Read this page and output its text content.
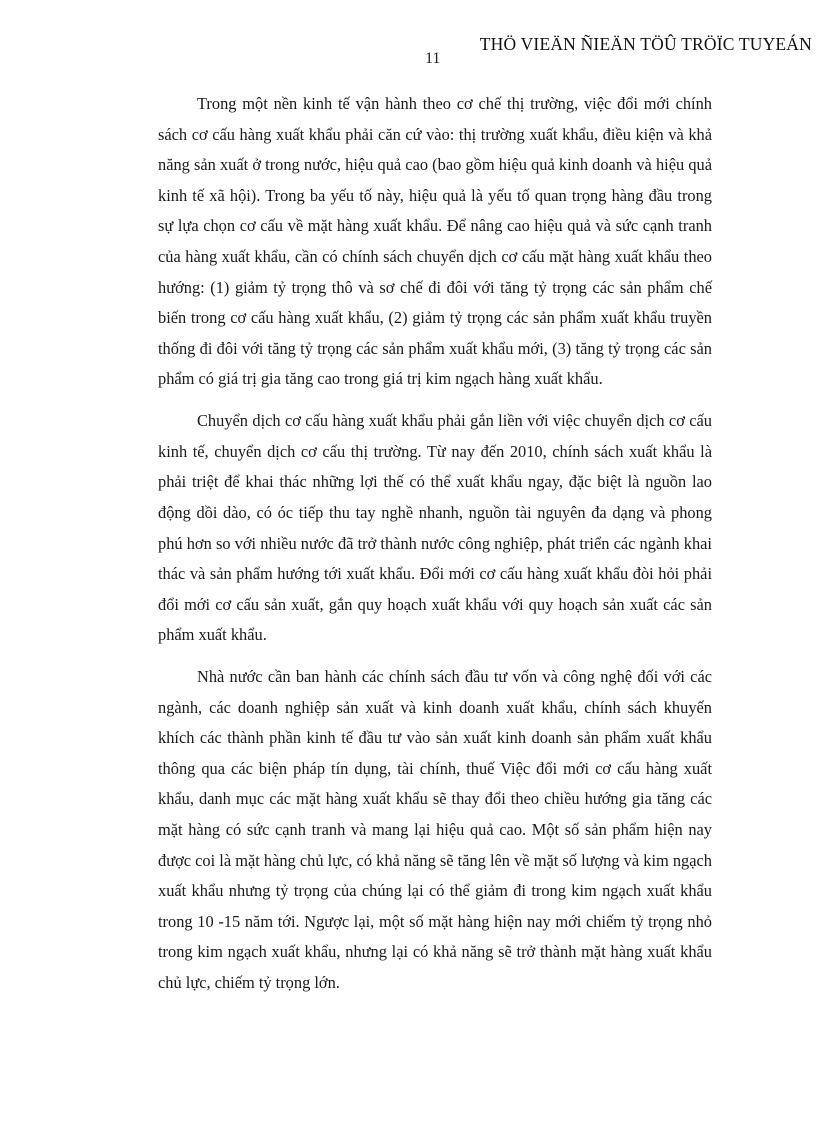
THÖ VIEÄN ÑIEÄN TÖÛ TRÖÏC TUYEÁN
11

Trong một nền kinh tế vận hành theo cơ chế thị trường, việc đổi mới chính sách cơ cấu hàng xuất khẩu phải căn cứ vào: thị trường xuất khẩu, điều kiện và khả năng sản xuất ở trong nước, hiệu quả cao (bao gồm hiệu quả kinh doanh và hiệu quả kinh tế xã hội). Trong ba yếu tố này, hiệu quả là yếu tố quan trọng hàng đầu trong sự lựa chọn cơ cấu về mặt hàng xuất khẩu. Để nâng cao hiệu quả và sức cạnh tranh của hàng xuất khẩu, cần có chính sách chuyển dịch cơ cấu mặt hàng xuất khẩu theo hướng: (1) giảm tỷ trọng thô và sơ chế đi đôi với tăng tỷ trọng các sản phẩm chế biến trong cơ cấu hàng xuất khẩu, (2) giảm tỷ trọng các sản phẩm xuất khẩu truyền thống đi đôi với tăng tỷ trọng các sản phẩm xuất khẩu mới, (3) tăng tỷ trọng các sản phẩm có giá trị gia tăng cao trong giá trị kim ngạch hàng xuất khẩu.

Chuyển dịch cơ cấu hàng xuất khẩu phải gắn liền với việc chuyển dịch cơ cấu kinh tế, chuyển dịch cơ cấu thị trường. Từ nay đến 2010, chính sách xuất khẩu là phải triệt để khai thác những lợi thế có thể xuất khẩu ngay, đặc biệt là nguồn lao động dồi dào, có óc tiếp thu tay nghề nhanh, nguồn tài nguyên đa dạng và phong phú hơn so với nhiều nước đã trở thành nước công nghiệp, phát triển các ngành khai thác và sản phẩm hướng tới xuất khẩu. Đổi mới cơ cấu hàng xuất khẩu đòi hỏi phải đổi mới cơ cấu sản xuất, gắn quy hoạch xuất khẩu với quy hoạch sản xuất các sản phẩm xuất khẩu.

Nhà nước cần ban hành các chính sách đầu tư vốn và công nghệ đối với các ngành, các doanh nghiệp sản xuất và kinh doanh xuất khẩu, chính sách khuyến khích các thành phần kinh tế đầu tư vào sản xuất kinh doanh sản phẩm xuất khẩu thông qua các biện pháp tín dụng, tài chính, thuế Việc đổi mới cơ cấu hàng xuất khẩu, danh mục các mặt hàng xuất khẩu sẽ thay đổi theo chiều hướng gia tăng các mặt hàng có sức cạnh tranh và mang lại hiệu quả cao. Một số sản phẩm hiện nay được coi là mặt hàng chủ lực, có khả năng sẽ tăng lên về mặt số lượng và kim ngạch xuất khẩu nhưng tỷ trọng của chúng lại có thể giảm đi trong kim ngạch xuất khẩu trong 10 -15 năm tới. Ngược lại, một số mặt hàng hiện nay mới chiếm tỷ trọng nhỏ trong kim ngạch xuất khẩu, nhưng lại có khả năng sẽ trở thành mặt hàng xuất khẩu chủ lực, chiếm tỷ trọng lớn.
